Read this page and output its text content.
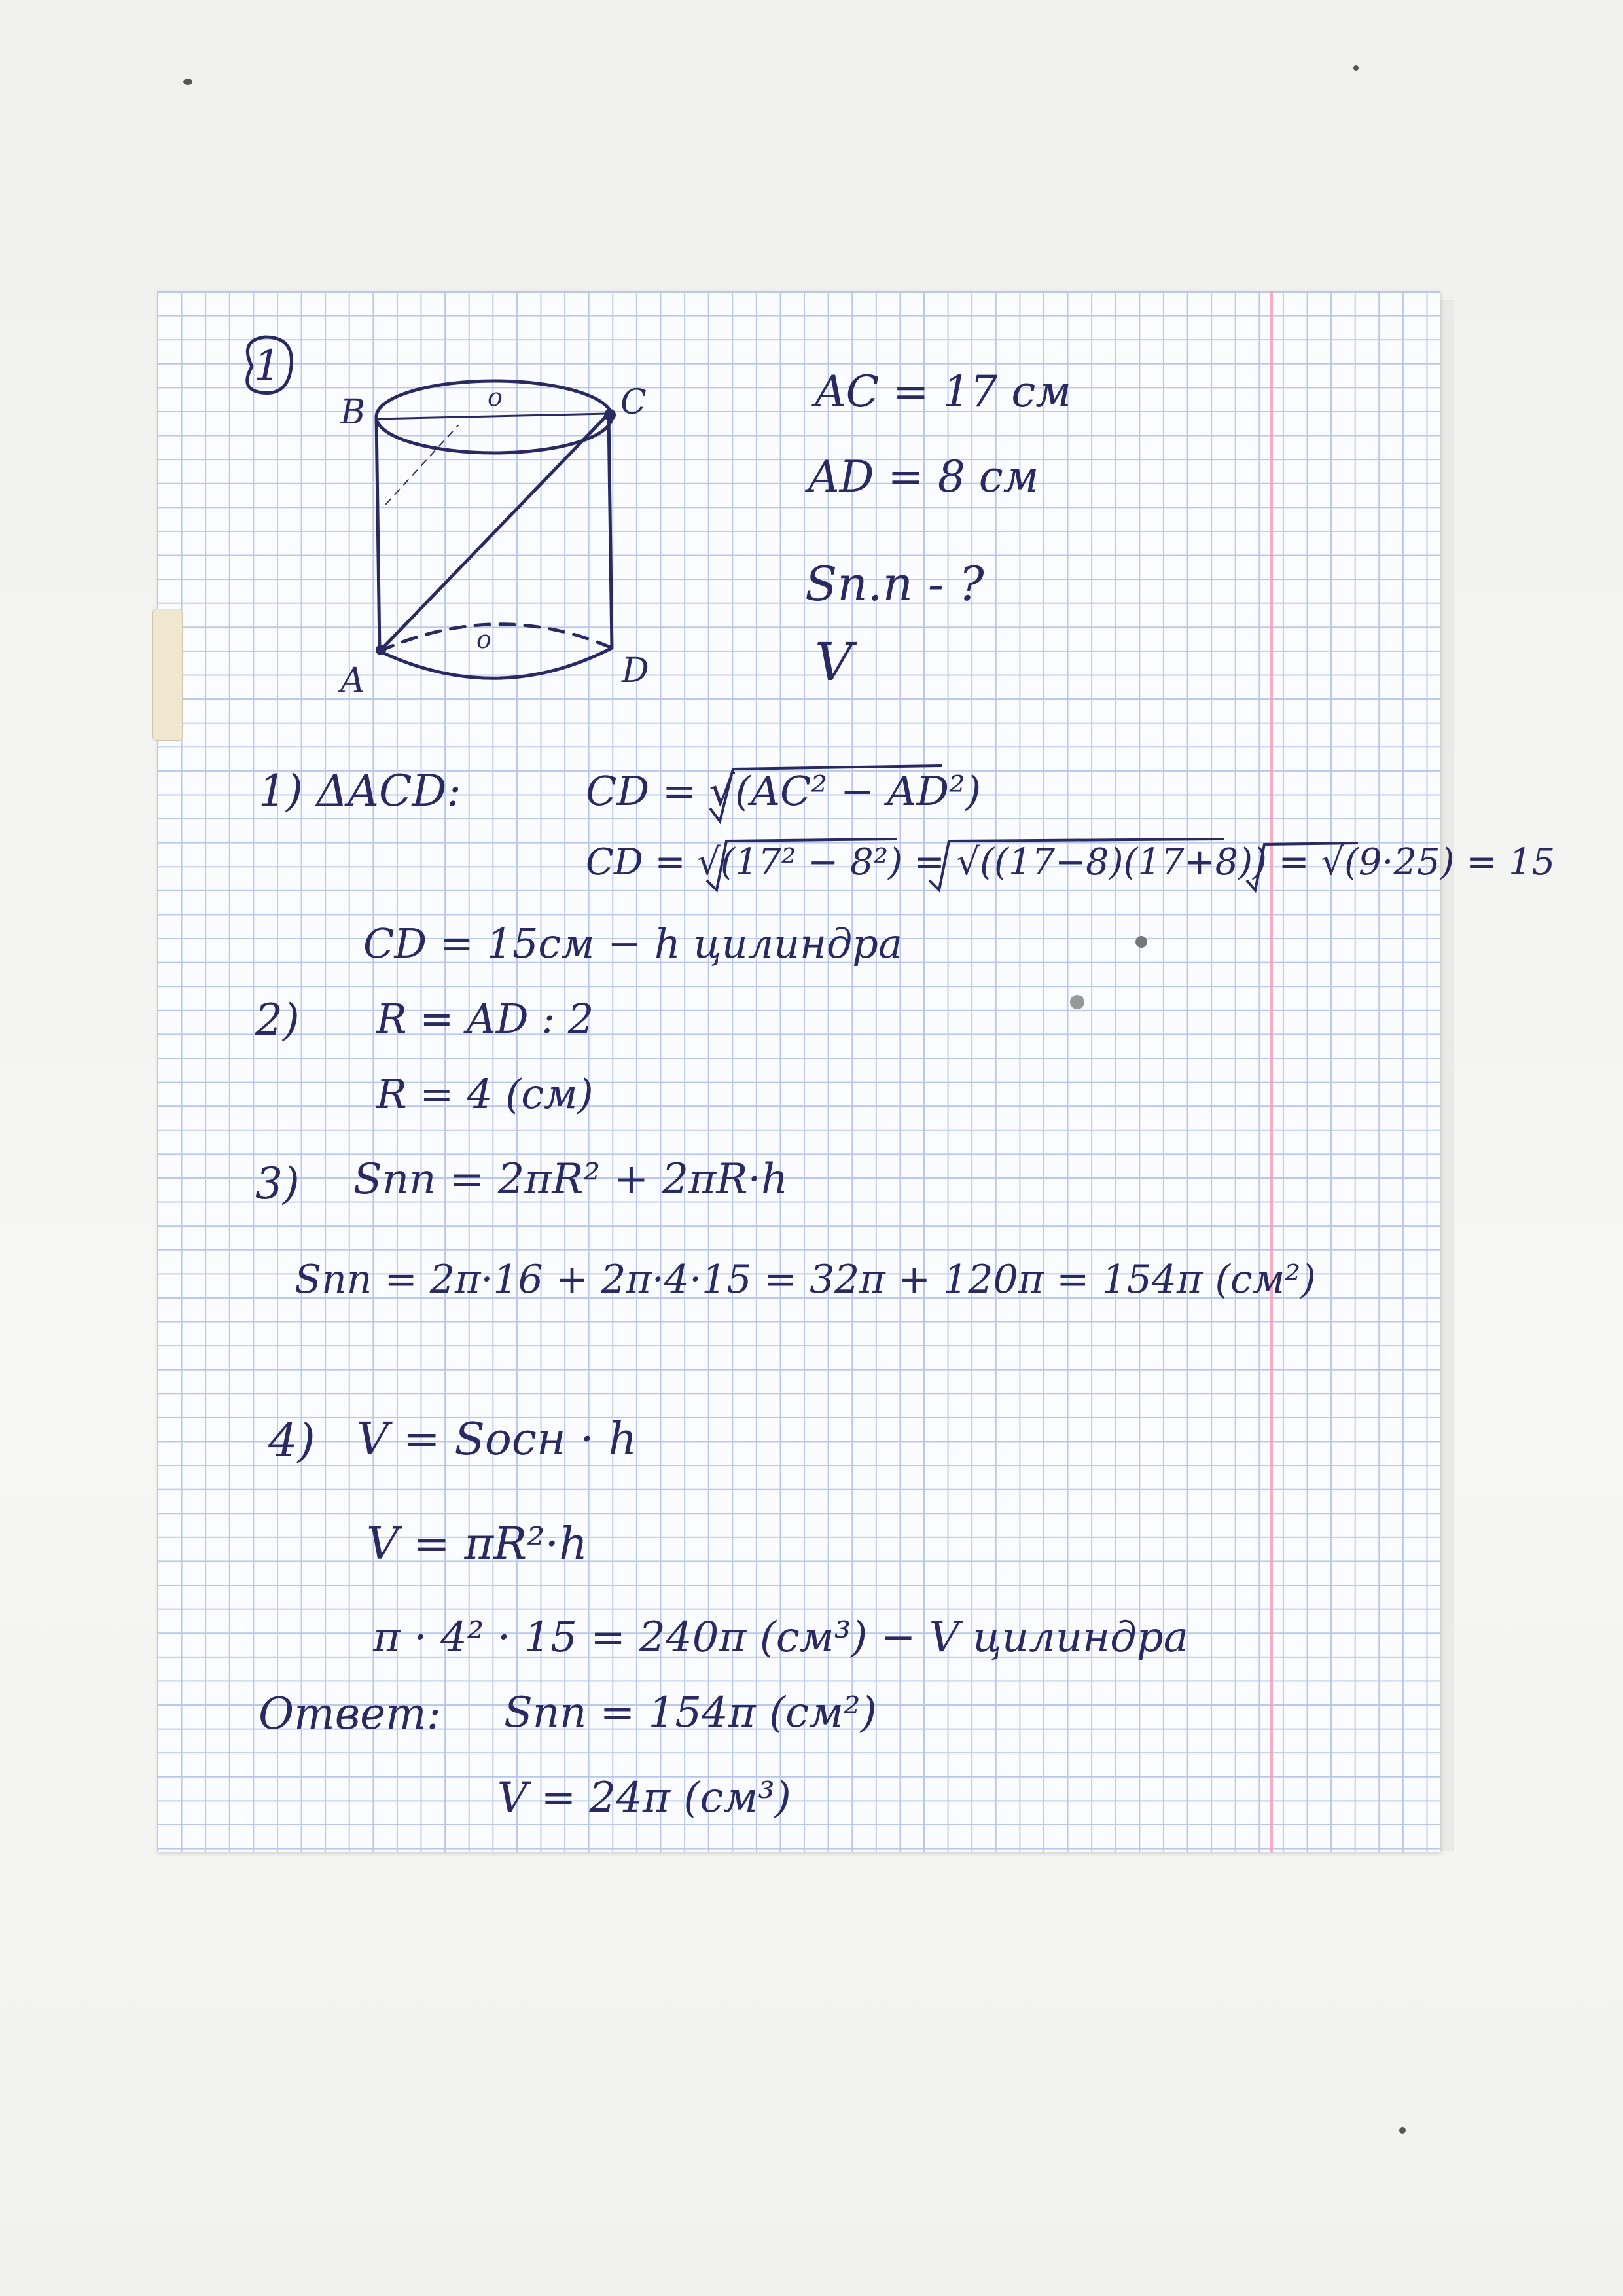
1
B	C
A	D
o
o
AC = 17 см
AD = 8 см
Sп.п - ?
V
1) ΔACD:	CD = √(AC² − AD²)
CD = √(17² − 8²) = √((17−8)(17+8)) = √(9·25) = 15
CD = 15см − h цилиндра
2) R = AD : 2
R = 4 (см)
3) Sпп = 2πR² + 2πR·h
Sпп = 2π·16 + 2π·4·15 = 32π + 120π = 154π (см²)
4) V = Sосн · h
V = πR²·h
π · 4² · 15 = 240π (см³) − V цилиндра
Ответ: Sпп = 154π (см²)
V = 24π (см³)
